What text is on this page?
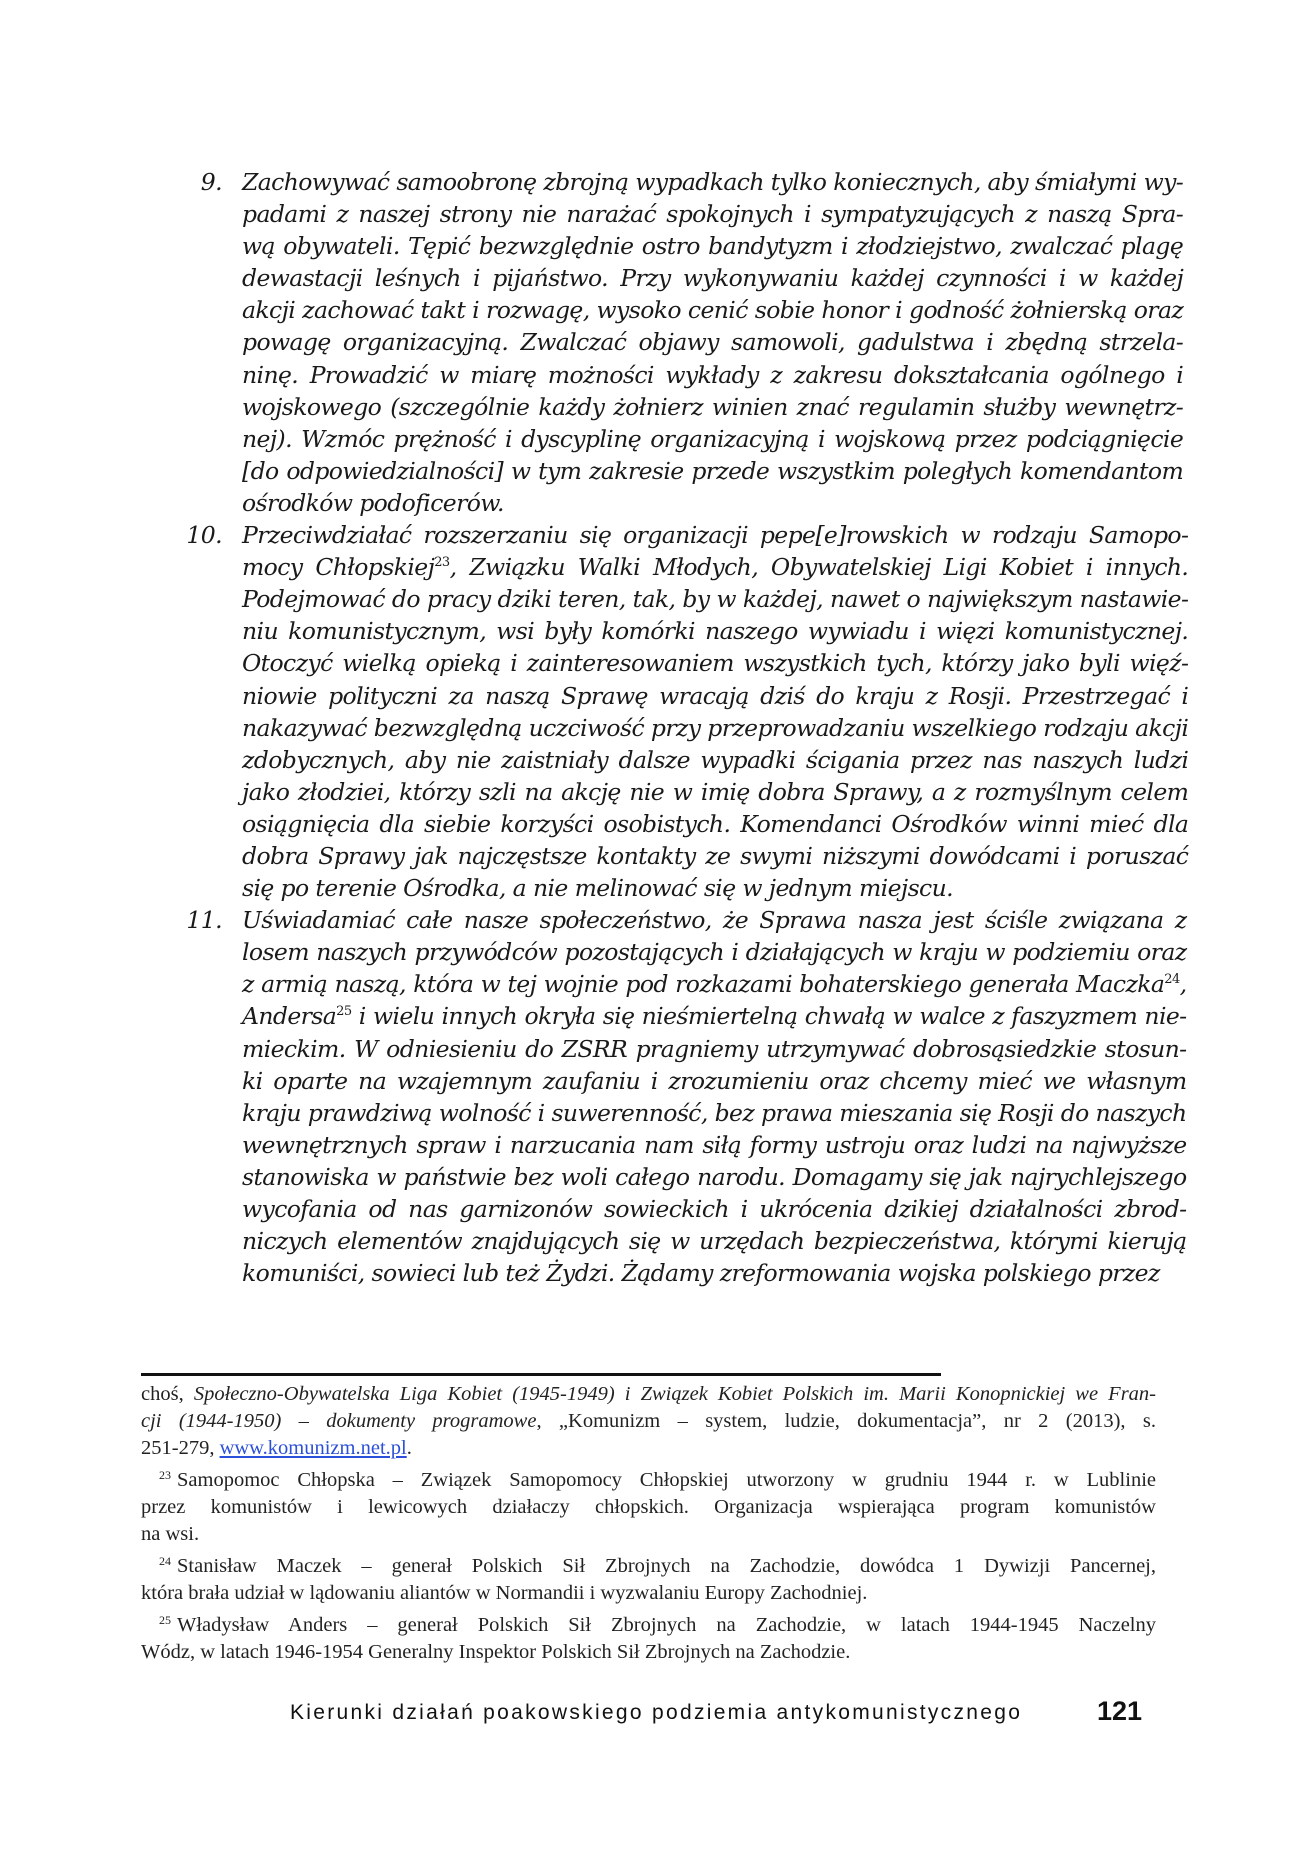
9. Zachowywać samoobronę zbrojną wypadkach tylko koniecznych, aby śmiałymi wy-
padami z naszej strony nie narażać spokojnych i sympatyzujących z naszą Spra-
wą obywateli. Tępić bezwzględnie ostro bandytyzm i złodziejstwo, zwalczać plagę
dewastacji leśnych i pijaństwo. Przy wykonywaniu każdej czynności i w każdej
akcji zachować takt i rozwagę, wysoko cenić sobie honor i godność żołnierską oraz
powagę organizacyjną. Zwalczać objawy samowoli, gadulstwa i zbędną strzela-
ninę. Prowadzić w miarę możności wykłady z zakresu dokształcania ogólnego i
wojskowego (szczególnie każdy żołnierz winien znać regulamin służby wewnętrz-
nej). Wzmóc prężność i dyscyplinę organizacyjną i wojskową przez podciągnięcie
[do odpowiedzialności] w tym zakresie przede wszystkim poległych komendantom
ośrodków podoficerów.
10. Przeciwdziałać rozszerzaniu się organizacji pepe[e]rowskich w rodzaju Samopo-
mocy Chłopskiej$^{23}$, Związku Walki Młodych, Obywatelskiej Ligi Kobiet i innych.
Podejmować do pracy dziki teren, tak, by w każdej, nawet o największym nastawie-
niu komunistycznym, wsi były komórki naszego wywiadu i więzi komunistycznej.
Otoczyć wielką opieką i zainteresowaniem wszystkich tych, którzy jako byli więź-
niowie polityczni za naszą Sprawę wracają dziś do kraju z Rosji. Przestrzegać i
nakazywać bezwzględną uczciwość przy przeprowadzaniu wszelkiego rodzaju akcji
zdobycznych, aby nie zaistniały dalsze wypadki ścigania przez nas naszych ludzi
jako złodziei, którzy szli na akcję nie w imię dobra Sprawy, a z rozmyślnym celem
osiągnięcia dla siebie korzyści osobistych. Komendanci Ośrodków winni mieć dla
dobra Sprawy jak najczęstsze kontakty ze swymi niższymi dowódcami i poruszać
się po terenie Ośrodka, a nie melinować się w jednym miejscu.
11. Uświadamiać całe nasze społeczeństwo, że Sprawa nasza jest ściśle związana z
losem naszych przywódców pozostających i działających w kraju w podziemiu oraz
z armią naszą, która w tej wojnie pod rozkazami bohaterskiego generała Maczka$^{24}$,
Andersa$^{25}$ i wielu innych okryła się nieśmiertelną chwałą w walce z faszyzmem nie-
mieckim. W odniesieniu do ZSRR pragniemy utrzymywać dobrosąsiedzkie stosun-
ki oparte na wzajemnym zaufaniu i zrozumieniu oraz chcemy mieć we własnym
kraju prawdziwą wolność i suwerenność, bez prawa mieszania się Rosji do naszych
wewnętrznych spraw i narzucania nam siłą formy ustroju oraz ludzi na najwyższe
stanowiska w państwie bez woli całego narodu. Domagamy się jak najrychlejszego
wycofania od nas garnizonów sowieckich i ukrócenia dzikiej działalności zbrod-
niczych elementów znajdujących się w urzędach bezpieczeństwa, którymi kierują
komuniści, sowieci lub też Żydzi. Żądamy zreformowania wojska polskiego przez
choś, Społeczno-Obywatelska Liga Kobiet (1945-1949) i Związek Kobiet Polskich im. Marii Konopnickiej we Fran-
cji (1944-1950) – dokumenty programowe, „Komunizm – system, ludzie, dokumentacja”, nr 2 (2013), s.
251-279, www.komunizm.net.pl.
$^{23}$ Samopomoc Chłopska – Związek Samopomocy Chłopskiej utworzony w grudniu 1944 r. w Lublinie
przez komunistów i lewicowych działaczy chłopskich. Organizacja wspierająca program komunistów
na wsi.
$^{24}$ Stanisław Maczek – generał Polskich Sił Zbrojnych na Zachodzie, dowódca 1 Dywizji Pancernej,
która brała udział w lądowaniu aliantów w Normandii i wyzwalaniu Europy Zachodniej.
$^{25}$ Władysław Anders – generał Polskich Sił Zbrojnych na Zachodzie, w latach 1944-1945 Naczelny
Wódz, w latach 1946-1954 Generalny Inspektor Polskich Sił Zbrojnych na Zachodzie.
Kierunki działań poakowskiego podziemia antykomunistycznego	121
